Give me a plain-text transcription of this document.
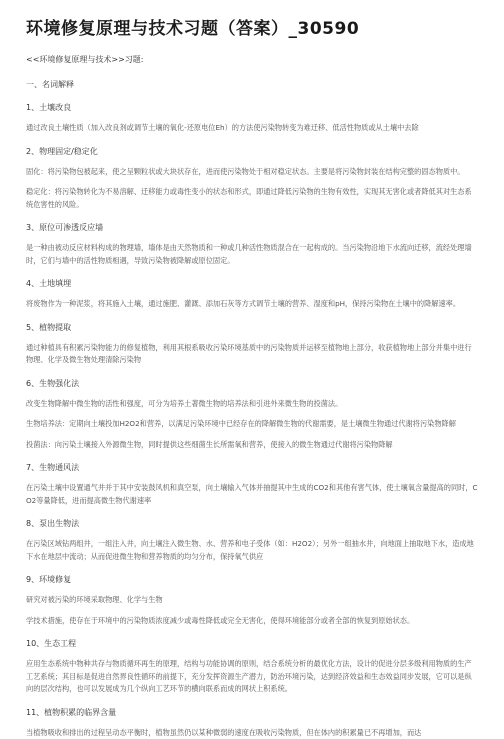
环境修复原理与技术习题（答案）_30590
<<环境修复原理与技术>>习题:
一、名词解释
1、土壤改良
通过改良土壤性质（加入改良剂或调节土壤的氧化-还原电位Eh）的方法使污染物转变为难迁移、低活性物质或从土壤中去除
2、物理固定/稳定化
固化：将污染物包被起来，使之呈颗粒状或大块状存在，进而使污染物处于相对稳定状态。主要是将污染物封装在结构完整的固态物质中。
稳定化：将污染物转化为不易溶解、迁移能力或毒性变小的状态和形式，即通过降低污染物的生物有效性，实现其无害化或者降低其对生态系统危害性的风险。
3、原位可渗透反应墙
是一种由被动反应材料构成的物理墙，墙体是由天然物质和一种或几种活性物质混合在一起构成的。当污染物沿地下水流向迁移，流经处理墙时，它们与墙中的活性物质相遇，导致污染物被降解或原位固定。
4、土地填埋
将废物作为一种泥浆，将其施入土壤，通过施肥、灌溉、添加石灰等方式调节土壤的营养、湿度和pH，保持污染物在土壤中的降解速率。
5、植物提取
通过种植具有积累污染物能力的修复植物，利用其根系吸收污染环境基质中的污染物质并运移至植物地上部分，收获植物地上部分并集中进行物理、化学及微生物处理清除污染物
6、生物强化法
改变生物降解中微生物的活性和强度，可分为培养土著微生物的培养法和引进外来微生物的投菌法。
生物培养法：定期向土壤投加H2O2和营养，以满足污染环境中已经存在的降解微生物的代谢需要，是土壤微生物通过代谢将污染物降解
投菌法：向污染土壤接入外源微生物，同时提供这些细菌生长所需氧和营养，使接入的微生物通过代谢将污染物降解
7、生物通风法
在污染土壤中设置通气井并于其中安装鼓风机和真空泵，向土壤输入气体并抽提其中生成的CO2和其他有害气体，使土壤氧含量提高的同时，CO2等量降低，进而提高微生物代谢速率
8、泵出生物法
在污染区域钻两组井，一组注入井，向土壤注入微生物、水、营养和电子受体（如：H2O2）；另外一组抽水井，向地面上抽取地下水，造成地下水在地层中流动；从而促进微生物和营养物质的均匀分布，保持氧气供应
9、环境修复
研究对被污染的环境采取物理、化学与生物
学技术措施，使存在于环境中的污染物质浓度减少或毒性降低或完全无害化，使得环境能部分或者全部的恢复到原始状态。
10、生态工程
应用生态系统中物种共存与物质循环再生的原理，结构与功能协调的原则，结合系统分析的最优化方法，设计的促进分层多级利用物质的生产工艺系统；其目标是促进自然界良性循环的前提下，充分发挥资源生产潜力，防治环境污染，达到经济效益和生态效益同步发展，它可以是纵向的层次结构，也可以发展成为几个纵向工艺环节的横向联系而成的网状上积系统。
11、植物积累的临界含量
当植物吸收和排出的过程呈动态平衡时，植物虽然仍以某种微弱的速度在吸收污染物质，但在体内的积累量已不再增加，而达
